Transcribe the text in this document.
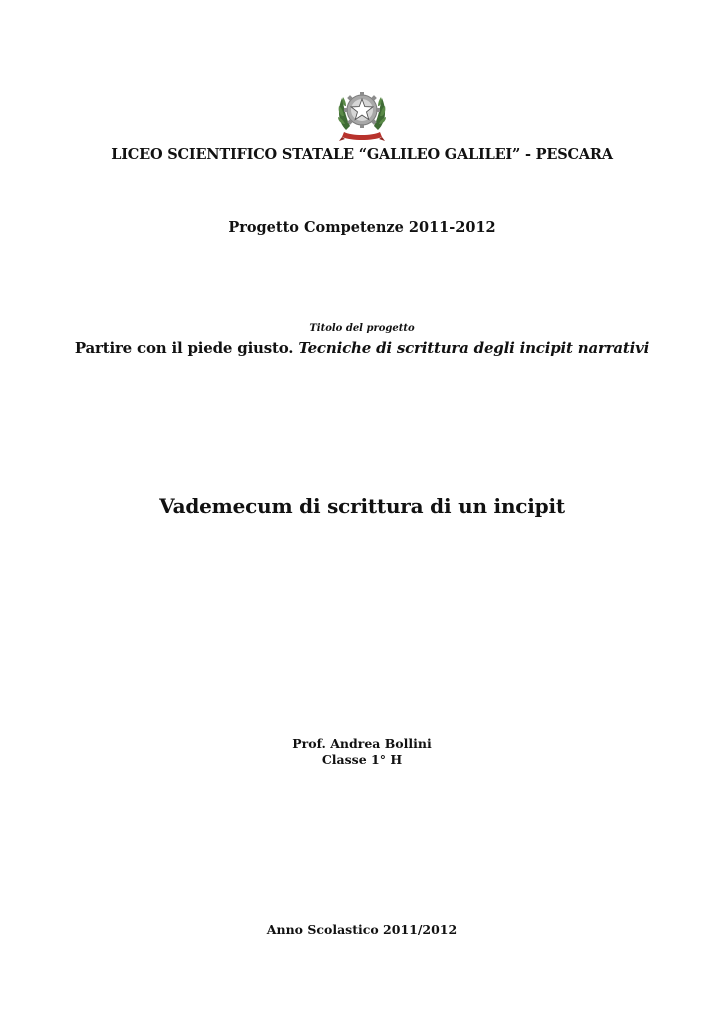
LICEO SCIENTIFICO STATALE “GALILEO GALILEI” - PESCARA
Progetto Competenze 2011-2012
Titolo del progetto
Partire con il piede giusto. Tecniche di scrittura degli incipit narrativi
Vademecum di scrittura di un incipit
Prof. Andrea Bollini
Classe 1° H
Anno Scolastico 2011/2012
